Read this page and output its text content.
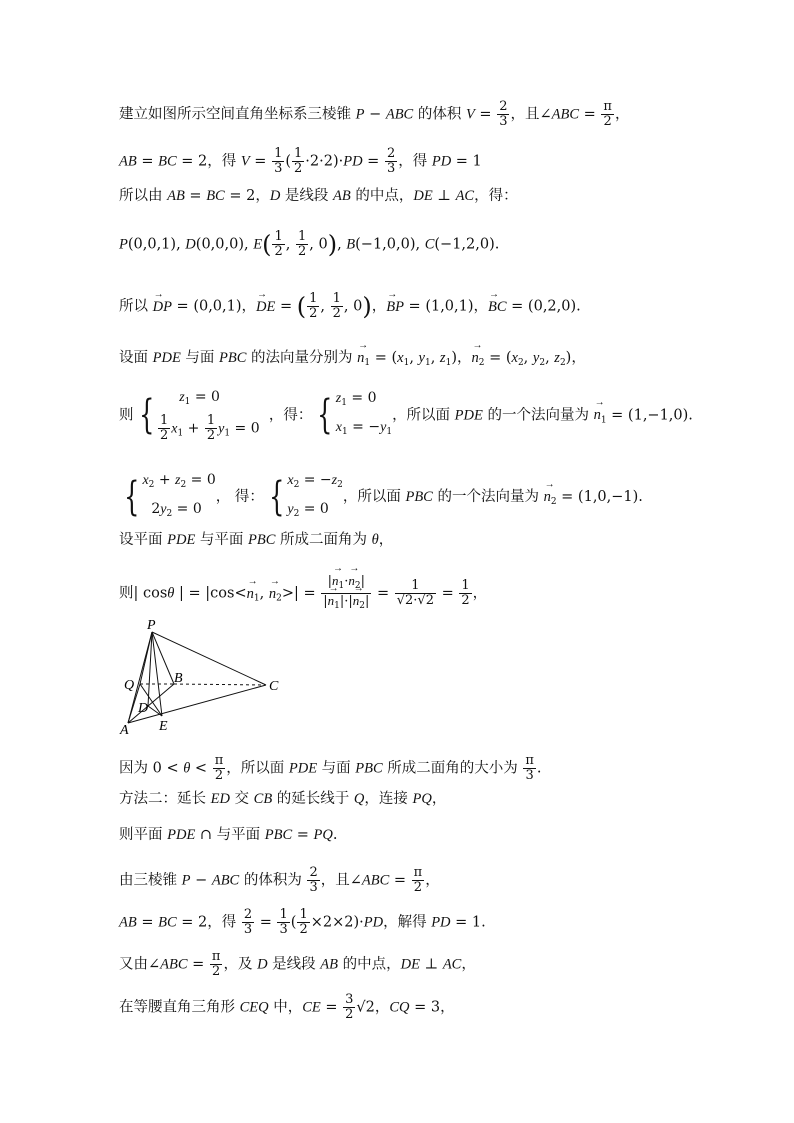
建立如图所示空间直角坐标系三棱锥 P − ABC 的体积 $V = \frac{2}{3}$ ，且∠ABC = $\frac{\pi}{2}$ ，
AB = BC = 2，得 $V = \frac{1}{3}$ ( $\frac{1}{2} \cdot 2\cdot 2)\cdot PD = \frac{2}{3}$ ，得 PD = 1
所以由 AB = BC = 2，D 是线段 AB 的中点，DE ⊥ AC，得：
P(0,0,1), D(0,0,0), $E( \frac{1}{2}$ , $\frac{1}{2}$ , 0), B(−1,0,0), C(−1,2,0).
所以 → DP = (0,0,1)，→ DE = ( $\frac{1}{2}$ , $\frac{1}{2}$ , 0)，→ BP = (1,0,1)，→ BC = (0,2,0).
设面 PDE 与面 PBC 的法向量分别为 → $n_1 = (x_1$, $y_1$, $z_1$)，→ $n_2 = (x_2$, $y_2$, $z_2$)，
则 {	$z_1 = 0$
$\frac{1}{2} x_1 + \frac{1}{2} y_1 = 0$
，得： { $z_1 = 0$
$x_1 = -y_1$
，所以面 PDE 的一个法向量为 → $n_1 = (1,-1,0)$.
{ $x_2 + z_2 = 0$
$2y_2 = 0$
， 得： { $x_2 = -z_2$
$y_2 = 0$
，所以面 PBC 的一个法向量为 → $n_2 = (1,0,-1)$.
设平面 PDE 与平面 PBC 所成二面角为 θ，
则| cosθ | = $|\cos<\to n_1$, → $n_2>| = \frac{|\to n_1\cdot\to n_2|}{|\to n_1|\cdot|\to n_2|} = \frac{1}{√2\cdot√2} = \frac{1}{2}$ ，
P
Q	B
C
D
A E
因为 $0 < \theta < \frac{\pi}{2}$ ，所以面 PDE 与面 PBC 所成二面角的大小为 $\frac{\pi}{3}$ .
方法二：延长 ED 交 CB 的延长线于 Q，连接 PQ，
则平面 PDE ∩ 与平面 PBC = PQ.
由三棱锥 P − ABC 的体积为 $\frac{2}{3}$ ，且∠ABC = $\frac{\pi}{2}$ ，
AB = BC = 2，得 $\frac{2}{3} = \frac{1}{3}$ ( $\frac{1}{2} \times 2\times 2)\cdot PD$，解得 PD = 1.
又由∠ABC = $\frac{\pi}{2}$ ，及 D 是线段 AB 的中点，DE ⊥ AC，
在等腰直角三角形 CEQ 中，CE = $\frac{3}{2} √2$，CQ = 3，
